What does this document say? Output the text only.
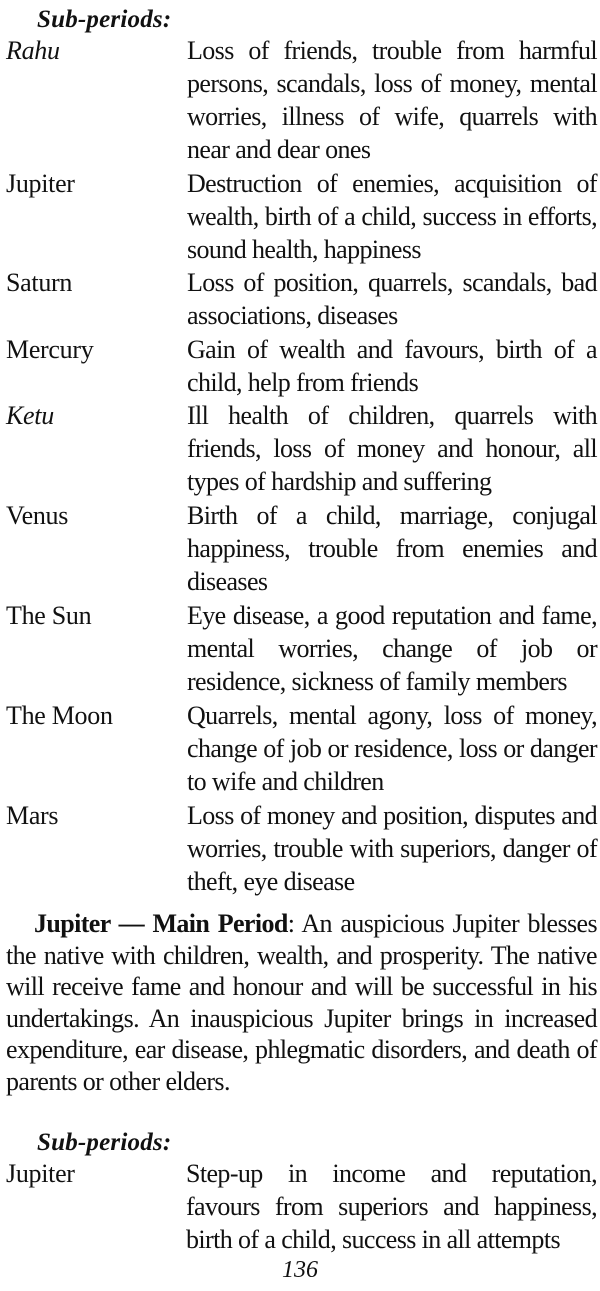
Sub-periods:
Rahu	Loss of friends, trouble from harmful persons, scandals, loss of money, mental worries, illness of wife, quarrels with near and dear ones
Jupiter	Destruction of enemies, acquisition of wealth, birth of a child, success in efforts, sound health, happiness
Saturn	Loss of position, quarrels, scandals, bad associations, diseases
Mercury	Gain of wealth and favours, birth of a child, help from friends
Ketu	Ill health of children, quarrels with friends, loss of money and honour, all types of hardship and suffering
Venus	Birth of a child, marriage, conjugal happiness, trouble from enemies and diseases
The Sun	Eye disease, a good reputation and fame, mental worries, change of job or residence, sickness of family members
The Moon	Quarrels, mental agony, loss of money, change of job or residence, loss or danger to wife and children
Mars	Loss of money and position, disputes and worries, trouble with superiors, danger of theft, eye disease
Jupiter — Main Period: An auspicious Jupiter blesses the native with children, wealth, and prosperity. The native will receive fame and honour and will be successful in his undertakings. An inauspicious Jupiter brings in increased expenditure, ear disease, phlegmatic disorders, and death of parents or other elders.
Sub-periods:
Jupiter	Step-up in income and reputation, favours from superiors and happiness, birth of a child, success in all attempts
136
